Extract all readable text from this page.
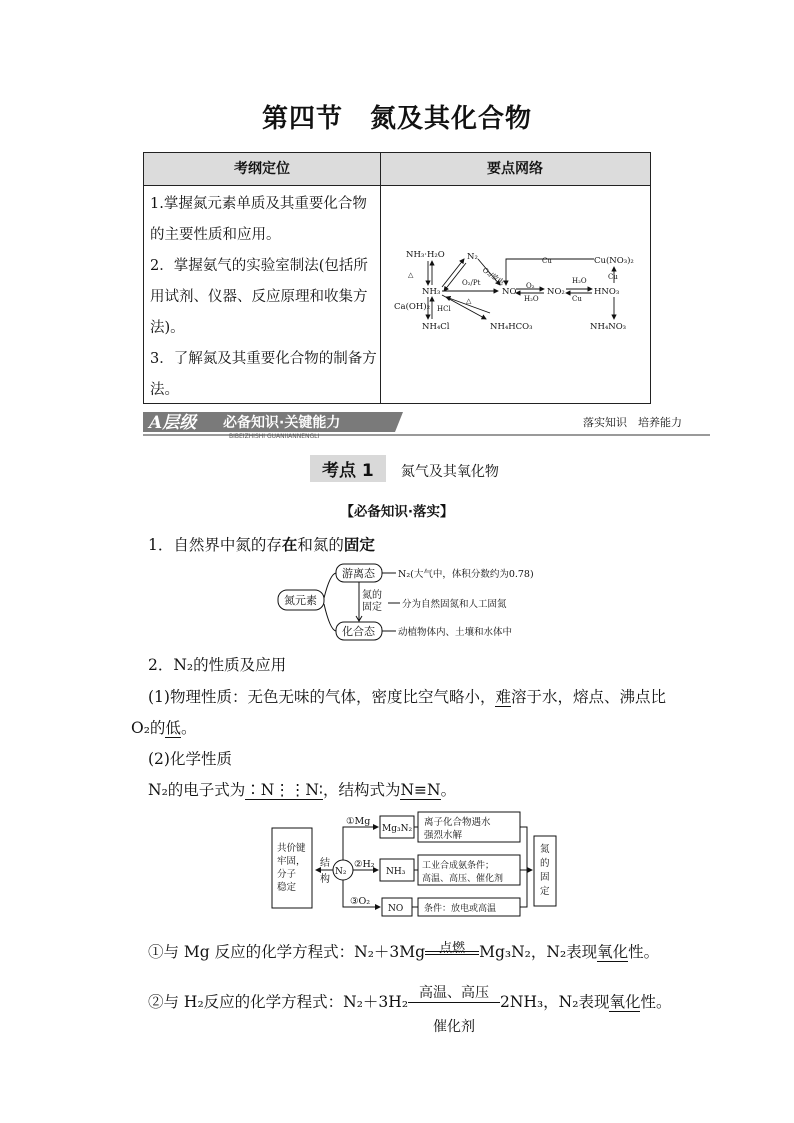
第四节　氮及其化合物
考纲定位	要点网络
1.掌握氮元素单质及其重要化合物的主要性质和应用。
2．掌握氨气的实验室制法(包括所用试剂、仪器、反应原理和收集方法)。
3．了解氮及其重要化合物的制备方法。
NH₃·H₂O
NH₃
Ca(OH)₂
NH₄Cl
HCl
NH₄HCO₃
N₂
O₂/放电
O₂/Pt
△
△
NO
O₂
H₂O
NO₂
H₂O
Cu
HNO₃
Cu	Cu(NO₃)₂
Cu
NH₄NO₃
A层级 必备知识·关键能力
BIBEIZHISHI GUANJIANNENGLI
落实知识　培养能力
考点 1 氮气及其氧化物
【必备知识·落实】
1．自然界中氮的存在和氮的固定
氮元素
游离态
化合态
氮的
固定
N₂(大气中，体积分数约为0.78)
分为自然固氮和人工固氮
动植物体内、土壤和水体中
2．N₂的性质及应用
(1)物理性质：无色无味的气体，密度比空气略小，难溶于水，熔点、沸点比
O₂的低。
(2)化学性质
N₂的电子式为∶N⋮⋮N∶，结构式为N≡N。
共价键
牢固，
分子
稳定
结
构
N₂
①Mg
②H₂
③O₂
Mg₃N₂
NH₃
NO
离子化合物遇水
强烈水解
工业合成氨条件；
高温、高压、催化剂
条件：放电或高温
氮
的
固
定
①与 Mg 反应的化学方程式：N₂＋3Mg	点燃 Mg₃N₂，N₂表现氧化性。
②与 H₂反应的化学方程式：N₂＋3H₂ 高温、高压
催化剂
2NH₃，N₂表现氧化性。
